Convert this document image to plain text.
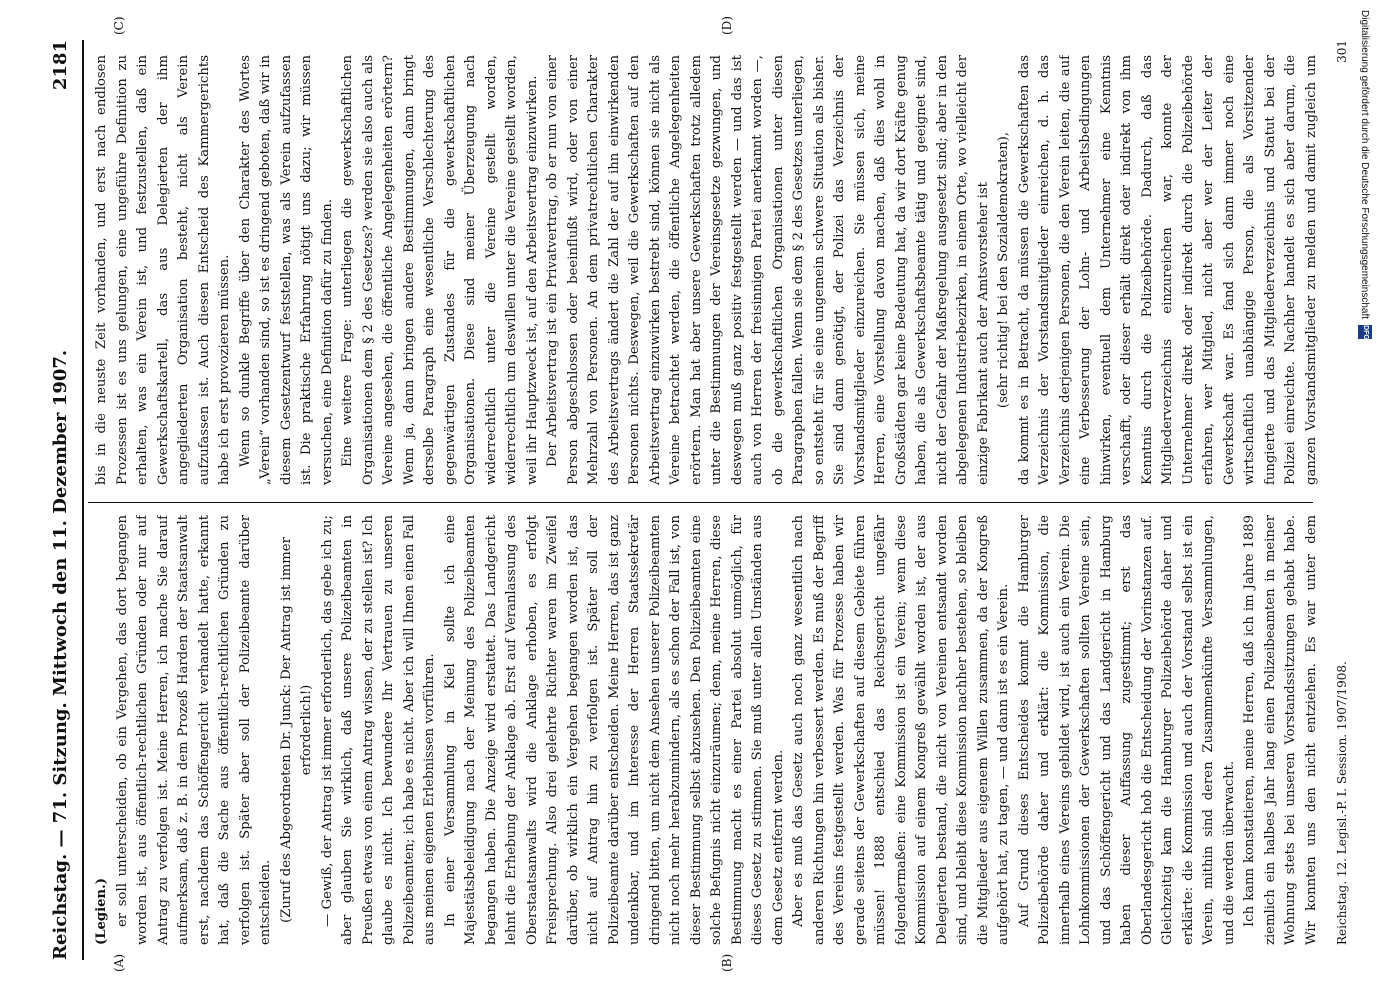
Reichstag. — 71. Sitzung. Mittwoch den 11. Dezember 1907.
2181
(A)	(B)
(C)	(D)

(Legien.) er soll unterscheiden, ob ein Vergehen, das dort begangen worden ist, aus öffentlich-rechtlichen Gründen oder nur auf Antrag zu verfolgen ist. Meine Herren, ich mache Sie darauf aufmerksam, daß z. B. in dem Prozeß Harden der Staatsanwalt erst, nachdem das Schöffengericht verhandelt hatte, erkannt hat, daß die Sache aus öffentlich-rechtlichen Gründen zu verfolgen ist. Später aber soll der Polizeibeamte darüber entscheiden. (Zuruf des Abgeordneten Dr. Junck: Der Antrag ist immer erforderlich!) — Gewiß, der Antrag ist immer erforderlich, das gebe ich zu; aber glauben Sie wirklich, daß unsere Polizeibeamten in Preußen etwas von einem Antrag wissen, der zu stellen ist? Ich glaube es nicht. Ich bewundere Ihr Vertrauen zu unseren Polizeibeamten; ich habe es nicht. Aber ich will Ihnen einen Fall aus meinen eigenen Erlebnissen vorführen. In einer Versammlung in Kiel sollte ich eine Majestätsbeleidigung nach der Meinung des Polizeibeamten begangen haben. Die Anzeige wird erstattet. Das Landgericht lehnt die Erhebung der Anklage ab. Erst auf Veranlassung des Oberstaatsanwalts wird die Anklage erhoben, es erfolgt Freisprechung. Also drei gelehrte Richter waren im Zweifel darüber, ob wirklich ein Vergehen begangen worden ist, das nicht auf Antrag hin zu verfolgen ist. Später soll der Polizeibeamte darüber entscheiden. Meine Herren, das ist ganz undenkbar, und im Interesse der Herren Staatssekretär dringend bitten, um nicht dem Ansehen unserer Polizeibeamten nicht noch mehr herabzumindern, als es schon der Fall ist, von dieser Bestimmung selbst abzusehen. Den Polizeibeamten eine solche Befugnis nicht einzuräumen; denn, meine Herren, diese Bestimmung macht es einer Partei absolut unmöglich, für dieses Gesetz zu stimmen. Sie muß unter allen Umständen aus dem Gesetz entfernt werden. Aber es muß das Gesetz auch noch ganz wesentlich nach anderen Richtungen hin verbessert werden. Es muß der Begriff des Vereins festgestellt werden. Was für Prozesse haben wir gerade seitens der Gewerkschaften auf diesem Gebiete führen müssen! 1888 entschied das Reichsgericht ungefähr folgendermaßen: eine Kommission ist ein Verein; wenn diese Kommission auf einem Kongreß gewählt worden ist, der aus Delegierten bestand, die nicht von Vereinen entsandt worden sind, und bleibt diese Kommission nachher bestehen, so bleiben die Mitglieder aus eigenem Willen zusammen, da der Kongreß aufgehört hat, zu tagen, — und dann ist es ein Verein. Auf Grund dieses Entscheides kommt die Hamburger Polizeibehörde daher und erklärt: die Kommission, die innerhalb eines Vereins gebildet wird, ist auch ein Verein. Die Lohnkommissionen der Gewerkschaften sollten Vereine sein, und das Schöffengericht und das Landgericht in Hamburg haben dieser Auffassung zugestimmt; erst das Oberlandesgericht hob die Entscheidung der Vorinstanzen auf. Gleichzeitig kam die Hamburger Polizeibehörde daher und erklärte: die Kommission und auch der Vorstand selbst ist ein Verein, mithin sind deren Zusammenkünfte Versammlungen, und die werden überwacht. Ich kann konstatieren, meine Herren, daß ich im Jahre 1889 ziemlich ein halbes Jahr lang einen Polizeibeamten in meiner Wohnung stets bei unseren Vorstandssitzungen gehabt habe. Wir konnten uns den nicht entziehen. Es war unter dem

bis in die neuste Zeit vorhanden, und erst nach endlosen Prozessen ist es uns gelungen, eine ungeführe Definition zu erhalten, was ein Verein ist, und festzustellen, daß ein Gewerkschaftskartell, das aus Delegierten der ihm angegliederten Organisation besteht, nicht als Verein aufzufassen ist. Auch diesen Entscheid des Kammergerichts habe ich erst provozieren müssen. Wenn so dunkle Begriffe über den Charakter des Wortes „Verein“ vorhanden sind, so ist es dringend geboten, daß wir in diesem Gesetzentwurf feststellen, was als Verein aufzufassen ist. Die praktische Erfahrung nötigt uns dazu; wir müssen versuchen, eine Definition dafür zu finden. Eine weitere Frage: unterliegen die gewerkschaftlichen Organisationen dem § 2 des Gesetzes? werden sie also auch als Vereine angesehen, die öffentliche Angelegenheiten erörtern? Wenn ja, dann bringen andere Bestimmungen, dann bringt derselbe Paragraph eine wesentliche Verschlechterung des gegenwärtigen Zustandes für die gewerkschaftlichen Organisationen. Diese sind meiner Überzeugung nach widerrechtlich unter die Vereine gestellt worden, widerrechtlich um deswillen unter die Vereine gestellt worden, weil ihr Hauptzweck ist, auf den Arbeitsvertrag einzuwirken. Der Arbeitsvertrag ist ein Privatvertrag, ob er nun von einer Person abgeschlossen oder beeinflußt wird, oder von einer Mehrzahl von Personen. An dem privatrechtlichen Charakter des Arbeitsvertrags ändert die Zahl der auf ihn einwirkenden Personen nichts. Deswegen, weil die Gewerkschaften auf den Arbeitsvertrag einzuwirken bestrebt sind, können sie nicht als Vereine betrachtet werden, die öffentliche Angelegenheiten erörtern. Man hat aber unsere Gewerkschaften trotz alledem unter die Bestimmungen der Vereinsgesetze gezwungen, und deswegen muß ganz positiv festgestellt werden — und das ist auch von Herren der freisinnigen Partei anerkannt worden —, ob die gewerkschaftlichen Organisationen unter diesen Paragraphen fallen. Wenn sie dem § 2 des Gesetzes unterliegen, so entsteht für sie eine ungemein schwere Situation als bisher. Sie sind dann genötigt, der Polizei das Verzeichnis der Vorstandsmitglieder einzureichen. Sie müssen sich, meine Herren, eine Vorstellung davon machen, daß dies wohl in Großstädten gar keine Bedeutung hat, da wir dort Kräfte genug haben, die als Gewerkschaftsbeamte tätig und geeignet sind, nicht der Gefahr der Maßregelung ausgesetzt sind; aber in den abgelegenen Industriebezirken, in einem Orte, wo vielleicht der einzige Fabrikant auch der Amtsvorsteher ist (sehr richtig! bei den Sozialdemokraten),

da kommt es in Betracht, da müssen die Gewerkschaften das Verzeichnis der Vorstandsmitglieder einreichen, d. h. das Verzeichnis derjenigen Personen, die den Verein leiten, die auf eine Verbesserung der Lohn- und Arbeitsbedingungen hinwirken, eventuell dem Unternehmer eine Kenntnis verschafft, oder dieser erhält direkt oder indirekt von ihm Kenntnis durch die Polizeibehörde. Dadurch, daß das Mitgliederverzeichnis einzureichen war, konnte der Unternehmer direkt oder indirekt durch die Polizeibehörde erfahren, wer Mitglied, nicht aber wer der Leiter der Gewerkschaft war. Es fand sich dann immer noch eine wirtschaftlich unabhängige Person, die als Vorsitzender fungierte und das Mitgliederverzeichnis und Statut bei der Polizei einreichte. Nachher handelt es sich aber darum, die ganzen Vorstandsmitglieder zu melden und damit zugleich um

Reichstag. 12. Legisl.-P. I. Session. 1907/1908.
301 Digitalisierung gefördert durch die Deutsche Forschungsgemeinschaft
DFG
